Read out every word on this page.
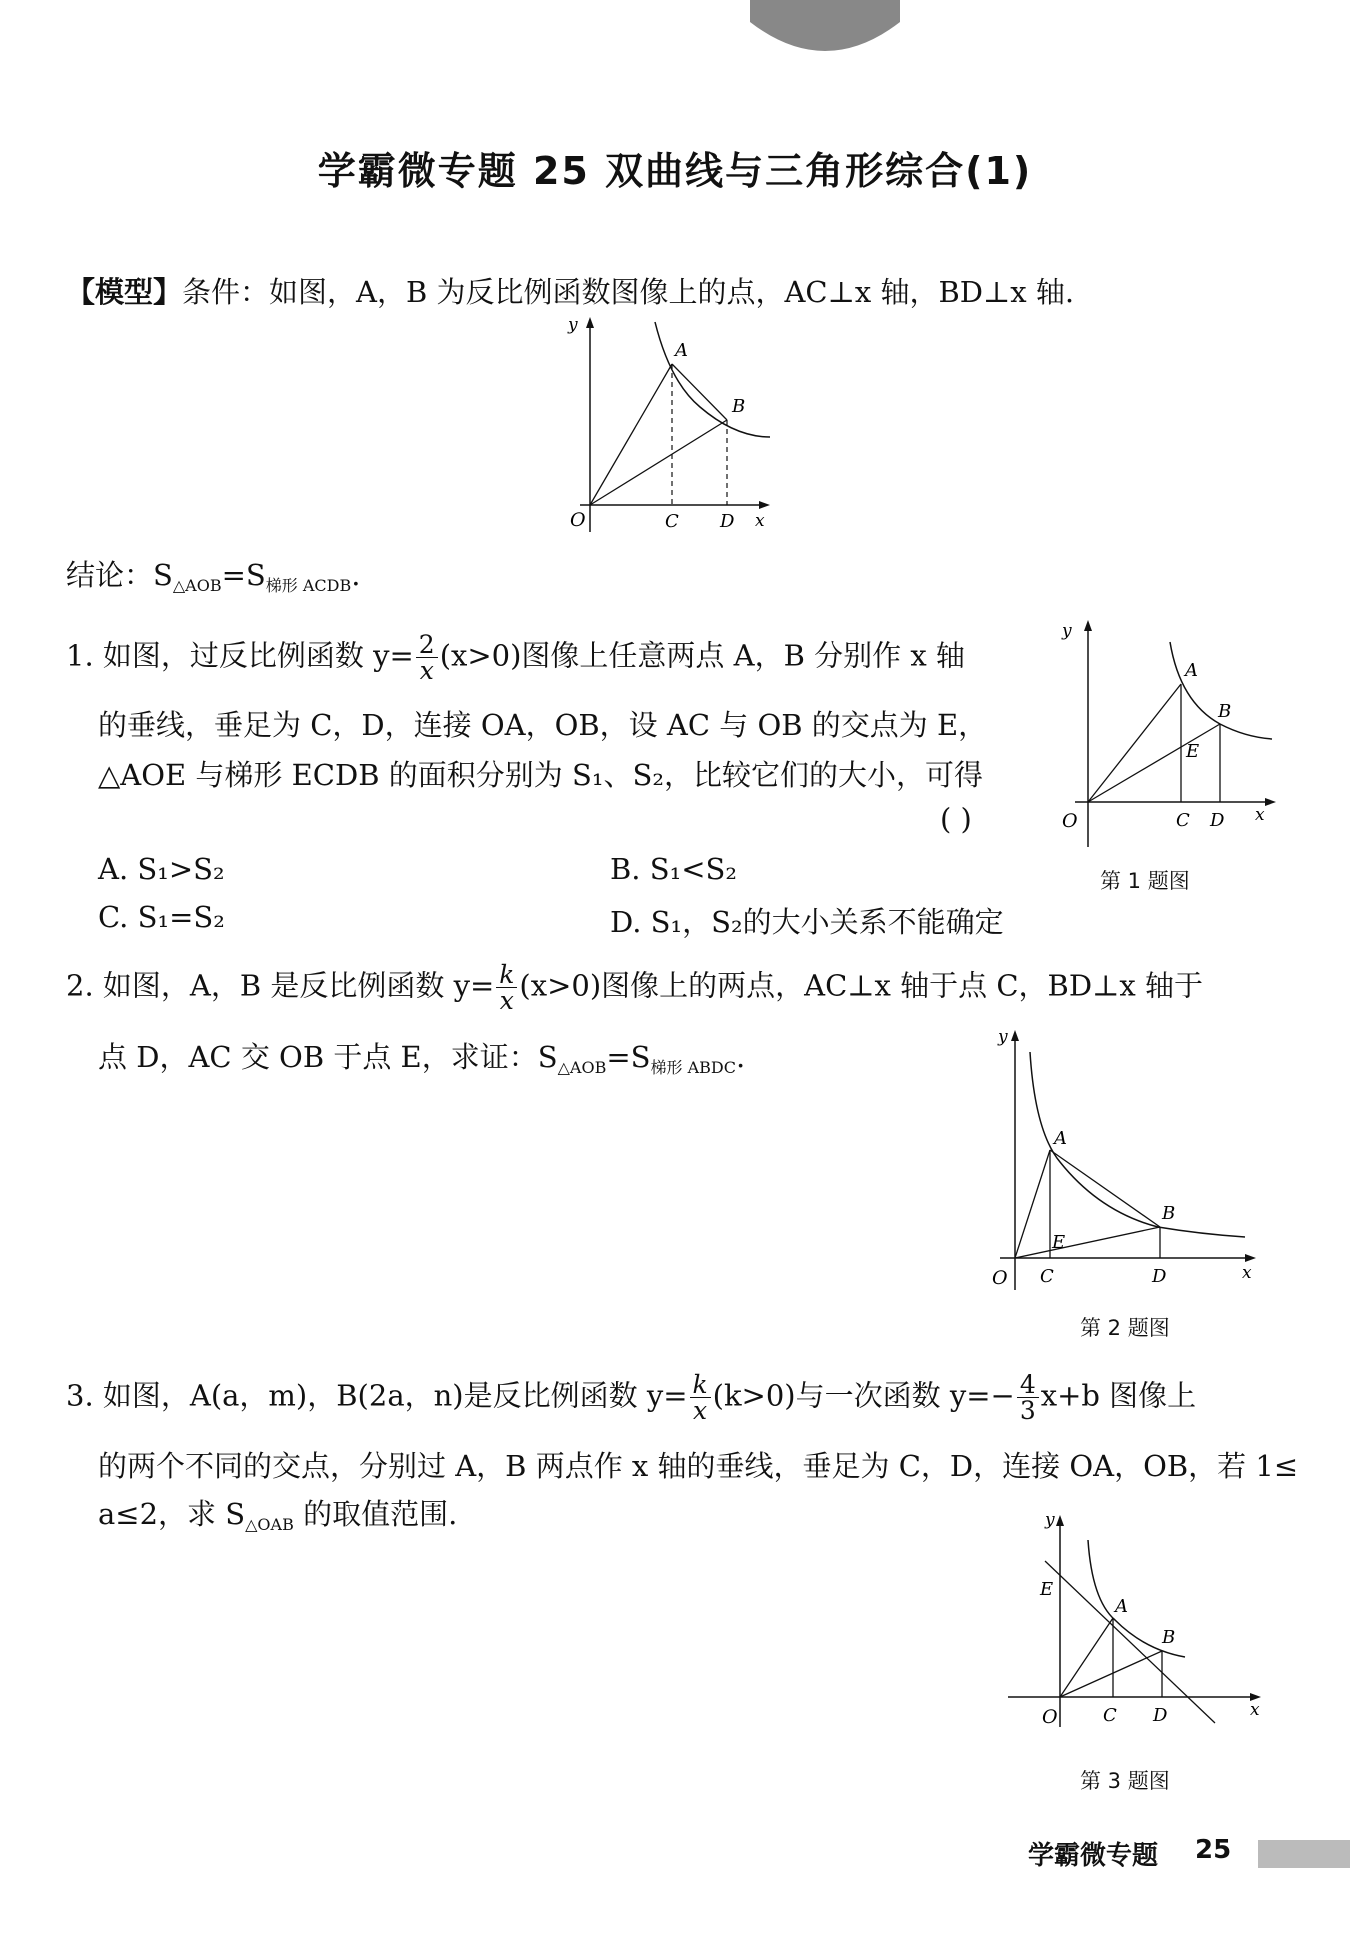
学霸微专题 25 双曲线与三角形综合(1)
【模型】条件：如图，A，B 为反比例函数图像上的点，AC⊥x 轴，BD⊥x 轴.
y
O
A
B
C D x
结论：$S_{\triangle AOB}=S_{梯形 ACDB}$.
1. 如图，过反比例函数 $y= \frac{2}{x} (x>0)$图像上任意两点 A，B 分别作 x 轴
的垂线，垂足为 C，D，连接 OA，OB，设 AC 与 OB 的交点为 E，
△AOE 与梯形 ECDB 的面积分别为 S₁、S₂，比较它们的大小，可得
( )
A. S₁>S₂	B. S₁<S₂
C. S₁=S₂	D. S₁，S₂的大小关系不能确定
y
O
A
B
E
C D x
第 1 题图
2. 如图，A，B 是反比例函数 $y= \frac{k}{x} (x>0)$图像上的两点，AC⊥x 轴于点 C，BD⊥x 轴于
点 D，AC 交 OB 于点 E，求证：$S_{\triangle AOB}=S_{梯形 ABDC}$.
y
O
A
B
E
C	D	x
第 2 题图
3. 如图，A(a，m)，B(2a，n)是反比例函数 $y= \frac{k}{x} (k>0)$与一次函数 $y=- \frac{4}{3} x+b$ 图像上
的两个不同的交点，分别过 A，B 两点作 x 轴的垂线，垂足为 C，D，连接 OA，OB，若 1≤
a≤2，求 $S_{\triangle OAB}$ 的取值范围.	y
O
E
A
B
C D	x
第 3 题图
学霸微专题 25
